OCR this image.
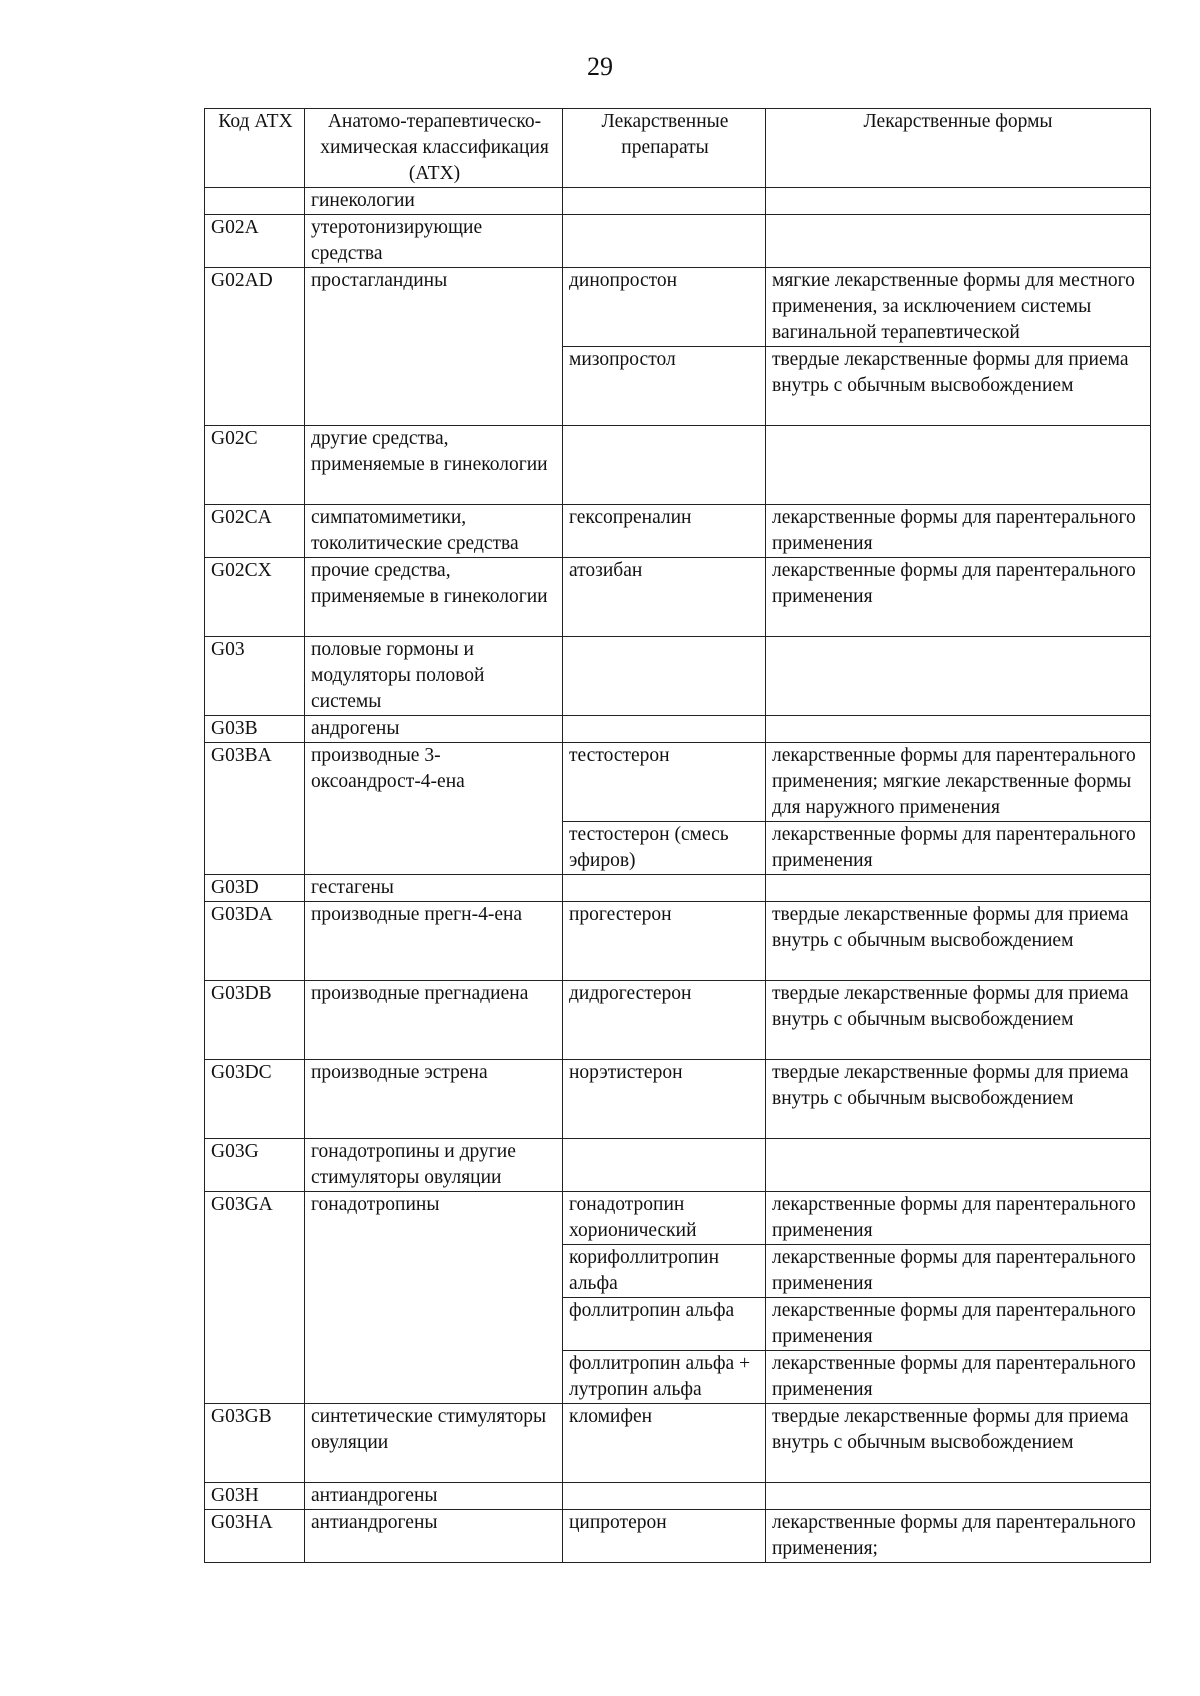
29
Код АТХ	Анатомо-терапевтическо-химическая классификация (АТХ)	Лекарственные препараты	Лекарственные формы
	гинекологии		
G02A	утеротонизирующие средства		
G02AD	простагландины	динопростон	мягкие лекарственные формы для местного применения, за исключением системы вагинальной терапевтической
		мизопростол	твердые лекарственные формы для приема внутрь с обычным высвобождением
G02C	другие средства, применяемые в гинекологии		
G02CA	симпатомиметики, токолитические средства	гексопреналин	лекарственные формы для парентерального применения
G02CX	прочие средства, применяемые в гинекологии	атозибан	лекарственные формы для парентерального применения
G03	половые гормоны и модуляторы половой системы		
G03B	андрогены		
G03BA	производные 3-оксоандрост-4-ена	тестостерон	лекарственные формы для парентерального применения; мягкие лекарственные формы для наружного применения
		тестостерон (смесь эфиров)	лекарственные формы для парентерального применения
G03D	гестагены		
G03DA	производные прегн-4-ена	прогестерон	твердые лекарственные формы для приема внутрь с обычным высвобождением
G03DB	производные прегнадиена	дидрогестерон	твердые лекарственные формы для приема внутрь с обычным высвобождением
G03DC	производные эстрена	норэтистерон	твердые лекарственные формы для приема внутрь с обычным высвобождением
G03G	гонадотропины и другие стимуляторы овуляции		
G03GA	гонадотропины	гонадотропин хорионический	лекарственные формы для парентерального применения
		корифоллитропин альфа	лекарственные формы для парентерального применения
		фоллитропин альфа	лекарственные формы для парентерального применения
		фоллитропин альфа + лутропин альфа	лекарственные формы для парентерального применения
G03GB	синтетические стимуляторы овуляции	кломифен	твердые лекарственные формы для приема внутрь с обычным высвобождением
G03H	антиандрогены		
G03HA	антиандрогены	ципротерон	лекарственные формы для парентерального применения;
